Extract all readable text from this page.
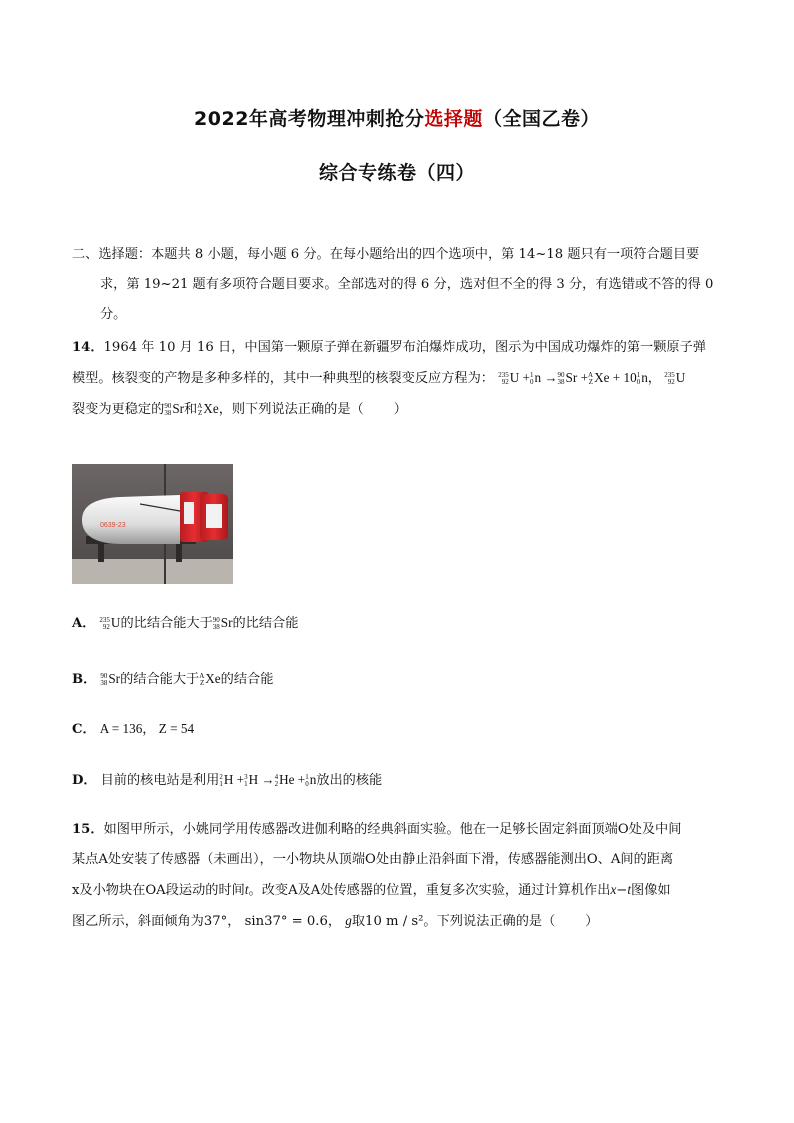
2022年高考物理冲刺抢分选择题（全国乙卷）
综合专练卷（四）
二、选择题：本题共 8 小题，每小题 6 分。在每小题给出的四个选项中，第 14~18 题只有一项符合题目要

求，第 19~21 题有多项符合题目要求。全部选对的得 6 分，选对但不全的得 3 分，有选错或不答的得 0
分。
14．1964 年 10 月 16 日，中国第一颗原子弹在新疆罗布泊爆炸成功，图示为中国成功爆炸的第一颗原子弹
模型。核裂变的产物是多种多样的，其中一种典型的核裂变反应方程为： 235
92 U + 1
0 n → 90
38 Sr + A
Z Xe + 10 1
0 n， 235
92 U
裂变为更稳定的 90
38 Sr和 A
Z Xe，则下列说法正确的是（ ）
0639-23
A． 235
92 U的比结合能大于 90
38 Sr的比结合能
B． 90
38 Sr的结合能大于 A
Z Xe的结合能
C． A = 136， Z = 54
D． 目前的核电站是利用 2
1 H + 3
1 H → 4
2 He + 1
0 n放出的核能
15．如图甲所示，小姚同学用传感器改进伽利略的经典斜面实验。他在一足够长固定斜面顶端O处及中间
某点A处安装了传感器（未画出），一小物块从顶端O处由静止沿斜面下滑，传感器能测出O、A间的距离
x及小物块在OA段运动的时间t。改变A及A处传感器的位置，重复多次实验，通过计算机作出x−t图像如
图乙所示，斜面倾角为37°， sin37° = 0.6， g取10 m / s²。下列说法正确的是（ ）
